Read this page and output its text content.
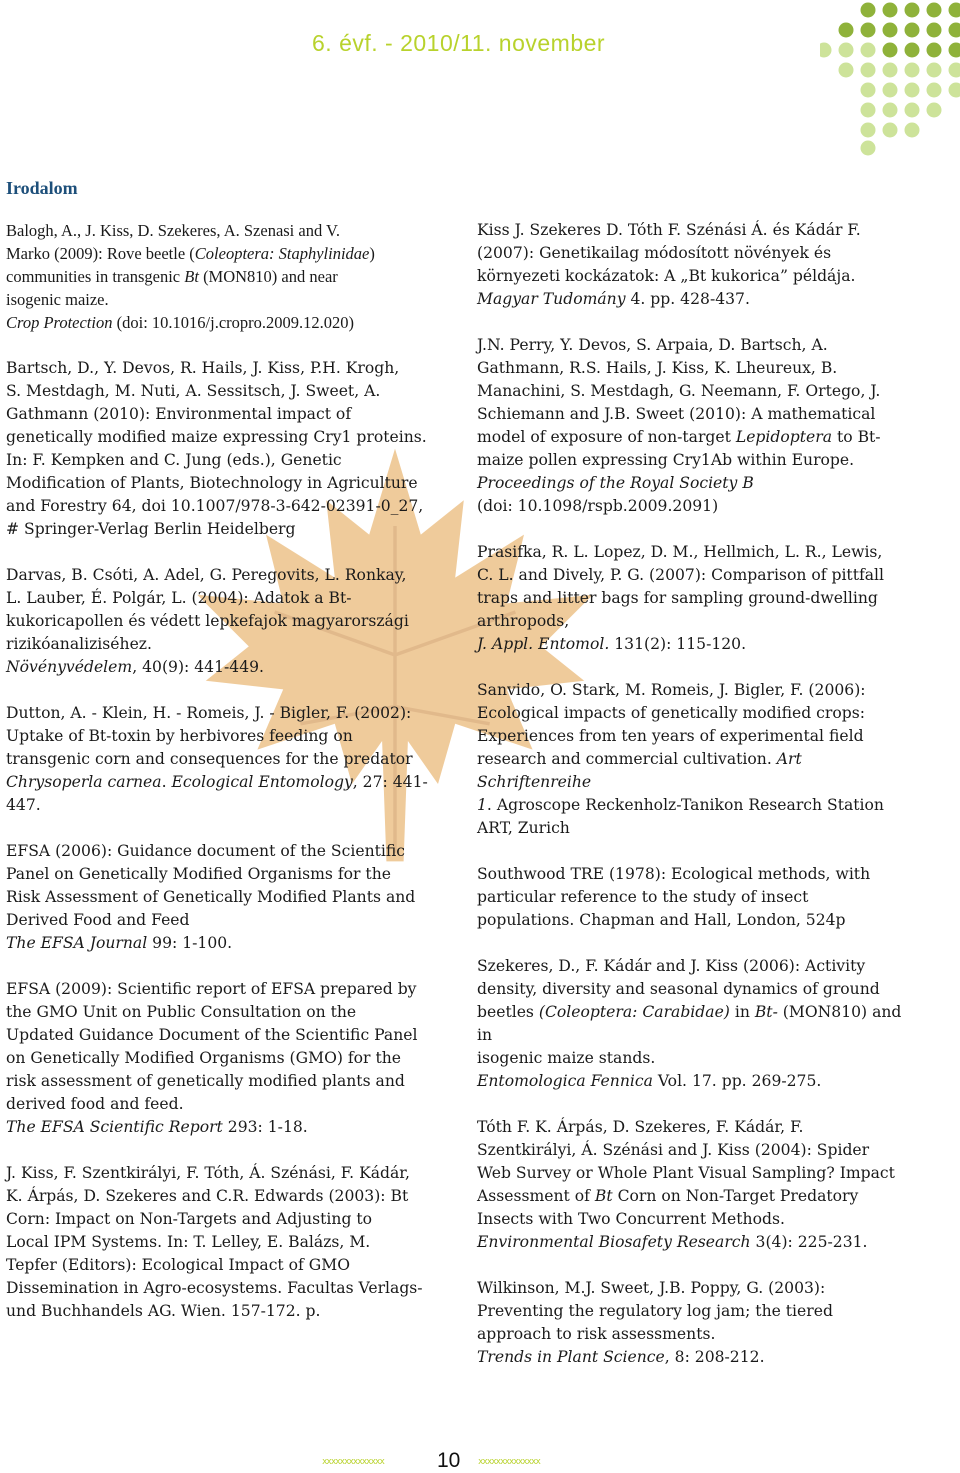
6. évf. - 2010/11. november
Irodalom
Balogh, A., J. Kiss, D. Szekeres, A. Szenasi and V.
Marko (2009): Rove beetle (Coleoptera: Staphylinidae)
communities in transgenic Bt (MON810) and near
isogenic maize.
Crop Protection (doi: 10.1016/j.cropro.2009.12.020)
Bartsch, D., Y. Devos, R. Hails, J. Kiss, P.H. Krogh,
S. Mestdagh, M. Nuti, A. Sessitsch, J. Sweet, A.
Gathmann (2010): Environmental impact of
genetically modified maize expressing Cry1 proteins.
In: F. Kempken and C. Jung (eds.), Genetic
Modification of Plants, Biotechnology in Agriculture
and Forestry 64, doi 10.1007/978-3-642-02391-0_27,
# Springer-Verlag Berlin Heidelberg
Darvas, B. Csóti, A. Adel, G. Peregovits, L. Ronkay,
L. Lauber, É. Polgár, L. (2004): Adatok a Bt-
kukoricapollen és védett lepkefajok magyarországi
rizikóanaliziséhez.
Növényvédelem, 40(9): 441-449.
Dutton, A. - Klein, H. - Romeis, J. - Bigler, F. (2002):
Uptake of Bt-toxin by herbivores feeding on
transgenic corn and consequences for the predator
Chrysoperla carnea. Ecological Entomology, 27: 441-447.
EFSA (2006): Guidance document of the Scientific
Panel on Genetically Modified Organisms for the
Risk Assessment of Genetically Modified Plants and
Derived Food and Feed
The EFSA Journal 99: 1-100.
EFSA (2009): Scientific report of EFSA prepared by
the GMO Unit on Public Consultation on the
Updated Guidance Document of the Scientific Panel
on Genetically Modified Organisms (GMO) for the
risk assessment of genetically modified plants and
derived food and feed.
The EFSA Scientific Report 293: 1-18.
J. Kiss, F. Szentkirályi, F. Tóth, Á. Szénási, F. Kádár,
K. Árpás, D. Szekeres and C.R. Edwards (2003): Bt
Corn: Impact on Non-Targets and Adjusting to
Local IPM Systems. In: T. Lelley, E. Balázs, M.
Tepfer (Editors): Ecological Impact of GMO
Dissemination in Agro-ecosystems. Facultas Verlags-
und Buchhandels AG. Wien. 157-172. p.
Kiss J. Szekeres D. Tóth F. Szénási Á. és Kádár F.
(2007): Genetikailag módosított növények és
környezeti kockázatok: A „Bt kukorica” példája.
Magyar Tudomány 4. pp. 428-437.
J.N. Perry, Y. Devos, S. Arpaia, D. Bartsch, A.
Gathmann, R.S. Hails, J. Kiss, K. Lheureux, B.
Manachini, S. Mestdagh, G. Neemann, F. Ortego, J.
Schiemann and J.B. Sweet (2010): A mathematical
model of exposure of non-target Lepidoptera to Bt-
maize pollen expressing Cry1Ab within Europe.
Proceedings of the Royal Society B
(doi: 10.1098/rspb.2009.2091)
Prasifka, R. L. Lopez, D. M., Hellmich, L. R., Lewis,
C. L. and Dively, P. G. (2007): Comparison of pittfall
traps and litter bags for sampling ground-dwelling
arthropods,
J. Appl. Entomol. 131(2): 115-120.
Sanvido, O. Stark, M. Romeis, J. Bigler, F. (2006):
Ecological impacts of genetically modified crops:
Experiences from ten years of experimental field
research and commercial cultivation. Art Schriftenreihe
1. Agroscope Reckenholz-Tanikon Research Station
ART, Zurich
Southwood TRE (1978): Ecological methods, with
particular reference to the study of insect
populations. Chapman and Hall, London, 524p
Szekeres, D., F. Kádár and J. Kiss (2006): Activity
density, diversity and seasonal dynamics of ground
beetles (Coleoptera: Carabidae) in Bt- (MON810) and in
isogenic maize stands.
Entomologica Fennica Vol. 17. pp. 269-275.
Tóth F. K. Árpás, D. Szekeres, F. Kádár, F.
Szentkirályi, Á. Szénási and J. Kiss (2004): Spider
Web Survey or Whole Plant Visual Sampling? Impact
Assessment of Bt Corn on Non-Target Predatory
Insects with Two Concurrent Methods.
Environmental Biosafety Research 3(4): 225-231.
Wilkinson, M.J. Sweet, J.B. Poppy, G. (2003):
Preventing the regulatory log jam; the tiered
approach to risk assessments.
Trends in Plant Science, 8: 208-212.
xxxxxxxxxxxxxx	10 xxxxxxxxxxxxxx
